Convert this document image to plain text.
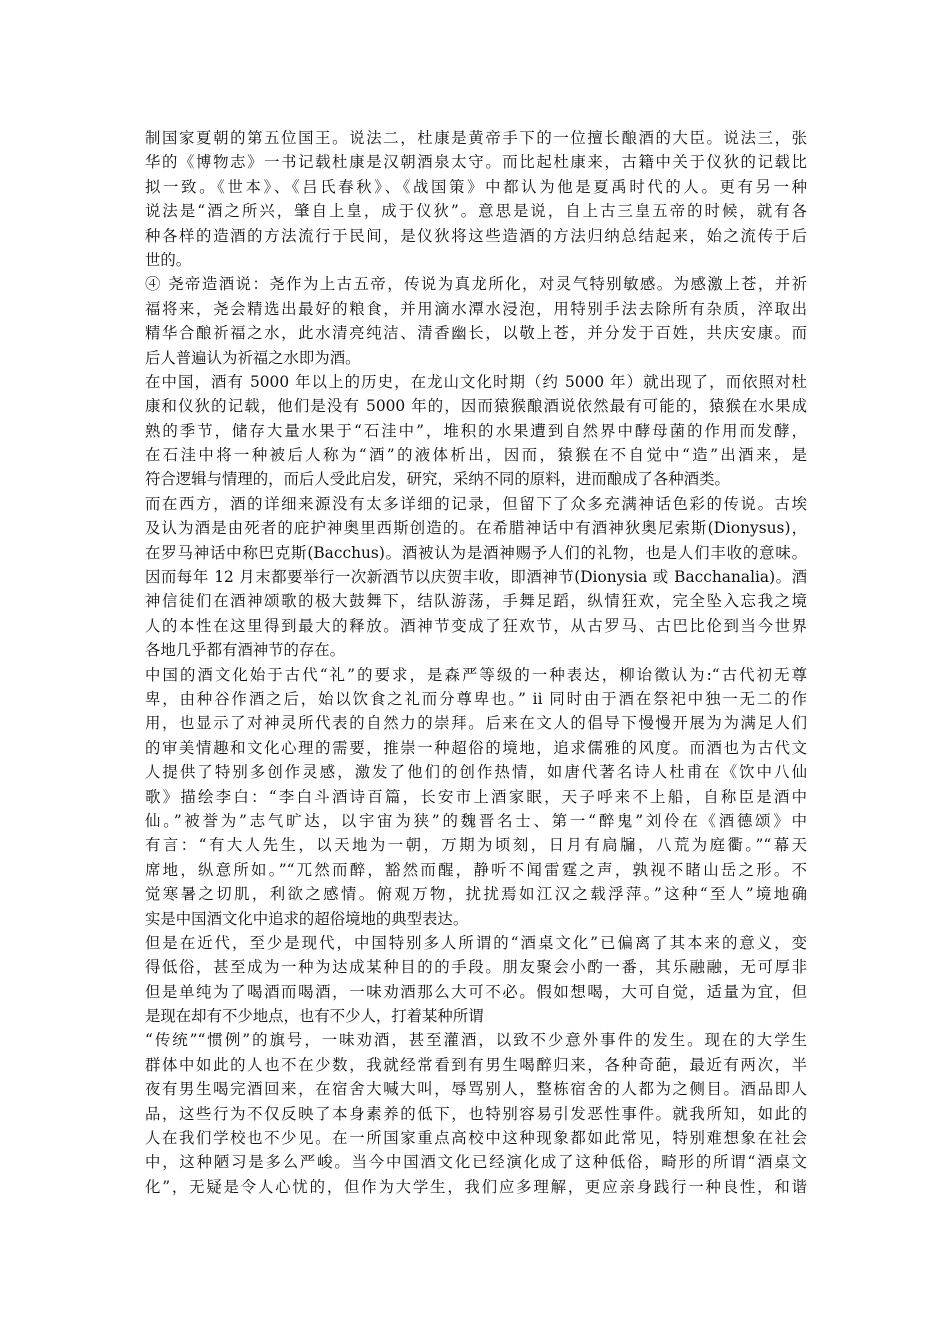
制国家夏朝的第五位国王。说法二，杜康是黄帝手下的一位擅长酿酒的大臣。说法三，张
华的《博物志》一书记载杜康是汉朝酒泉太守。而比起杜康来，古籍中关于仪狄的记载比
拟一致。《世本》、《吕氏春秋》、《战国策》中都认为他是夏禹时代的人。更有另一种
说法是“酒之所兴，肇自上皇，成于仪狄”。意思是说，自上古三皇五帝的时候，就有各
种各样的造酒的方法流行于民间，是仪狄将这些造酒的方法归纳总结起来，始之流传于后
世的。
④ 尧帝造酒说：尧作为上古五帝，传说为真龙所化，对灵气特别敏感。为感激上苍，并祈
福将来，尧会精选出最好的粮食，并用滴水潭水浸泡，用特别手法去除所有杂质，淬取出
精华合酿祈福之水，此水清亮纯洁、清香幽长，以敬上苍，并分发于百姓，共庆安康。而
后人普遍认为祈福之水即为酒。
在中国，酒有 5000 年以上的历史，在龙山文化时期（约 5000 年）就出现了，而依照对杜
康和仪狄的记载，他们是没有 5000 年的，因而猿猴酿酒说依然最有可能的，猿猴在水果成
熟的季节，储存大量水果于“石洼中”，堆积的水果遭到自然界中酵母菌的作用而发酵，
在石洼中将一种被后人称为“酒”的液体析出，因而，猿猴在不自觉中“造”出酒来，是
符合逻辑与情理的，而后人受此启发，研究，采纳不同的原料，进而酿成了各种酒类。
而在西方，酒的详细来源没有太多详细的记录，但留下了众多充满神话色彩的传说。古埃
及认为酒是由死者的庇护神奥里西斯创造的。在希腊神话中有酒神狄奥尼索斯(Dionysus)，
在罗马神话中称巴克斯(Bacchus)。酒被认为是酒神赐予人们的礼物，也是人们丰收的意味。
因而每年 12 月末都要举行一次新酒节以庆贺丰收，即酒神节(Dionysia 或 Bacchanalia)。酒
神信徒们在酒神颂歌的极大鼓舞下，结队游荡，手舞足蹈，纵情狂欢，完全坠入忘我之境
人的本性在这里得到最大的释放。酒神节变成了狂欢节，从古罗马、古巴比伦到当今世界
各地几乎都有酒神节的存在。
中国的酒文化始于古代“礼”的要求，是森严等级的一种表达，柳诒徵认为:“古代初无尊
卑，由种谷作酒之后，始以饮食之礼而分尊卑也。” ii 同时由于酒在祭祀中独一无二的作
用，也显示了对神灵所代表的自然力的崇拜。后来在文人的倡导下慢慢开展为为满足人们
的审美情趣和文化心理的需要，推崇一种超俗的境地，追求儒雅的风度。而酒也为古代文
人提供了特别多创作灵感，激发了他们的创作热情，如唐代著名诗人杜甫在《饮中八仙
歌》描绘李白：“李白斗酒诗百篇，长安市上酒家眠，天子呼来不上船，自称臣是酒中
仙。”被誉为”志气旷达，以宇宙为狭”的魏晋名士、第一“醉鬼”刘伶在《酒德颂》中
有言：“有大人先生，以天地为一朝，万期为顷刻，日月有扃牖，八荒为庭衢。”“幕天
席地，纵意所如。”“兀然而醉，豁然而醒，静听不闻雷霆之声，孰视不睹山岳之形。不
觉寒暑之切肌，利欲之感情。俯观万物，扰扰焉如江汉之载浮萍。”这种“至人”境地确
实是中国酒文化中追求的超俗境地的典型表达。
但是在近代，至少是现代，中国特别多人所谓的“酒桌文化”已偏离了其本来的意义，变
得低俗，甚至成为一种为达成某种目的的手段。朋友聚会小酌一番，其乐融融，无可厚非
但是单纯为了喝酒而喝酒，一味劝酒那么大可不必。假如想喝，大可自觉，适量为宜，但
是现在却有不少地点，也有不少人，打着某种所谓
“传统”“惯例”的旗号，一味劝酒，甚至灌酒，以致不少意外事件的发生。现在的大学生
群体中如此的人也不在少数，我就经常看到有男生喝醉归来，各种奇葩，最近有两次，半
夜有男生喝完酒回来，在宿舍大喊大叫，辱骂别人，整栋宿舍的人都为之侧目。酒品即人
品，这些行为不仅反映了本身素养的低下，也特别容易引发恶性事件。就我所知，如此的
人在我们学校也不少见。在一所国家重点高校中这种现象都如此常见，特别难想象在社会
中，这种陋习是多么严峻。当今中国酒文化已经演化成了这种低俗，畸形的所谓“酒桌文
化”，无疑是令人心忧的，但作为大学生，我们应多理解，更应亲身践行一种良性，和谐
